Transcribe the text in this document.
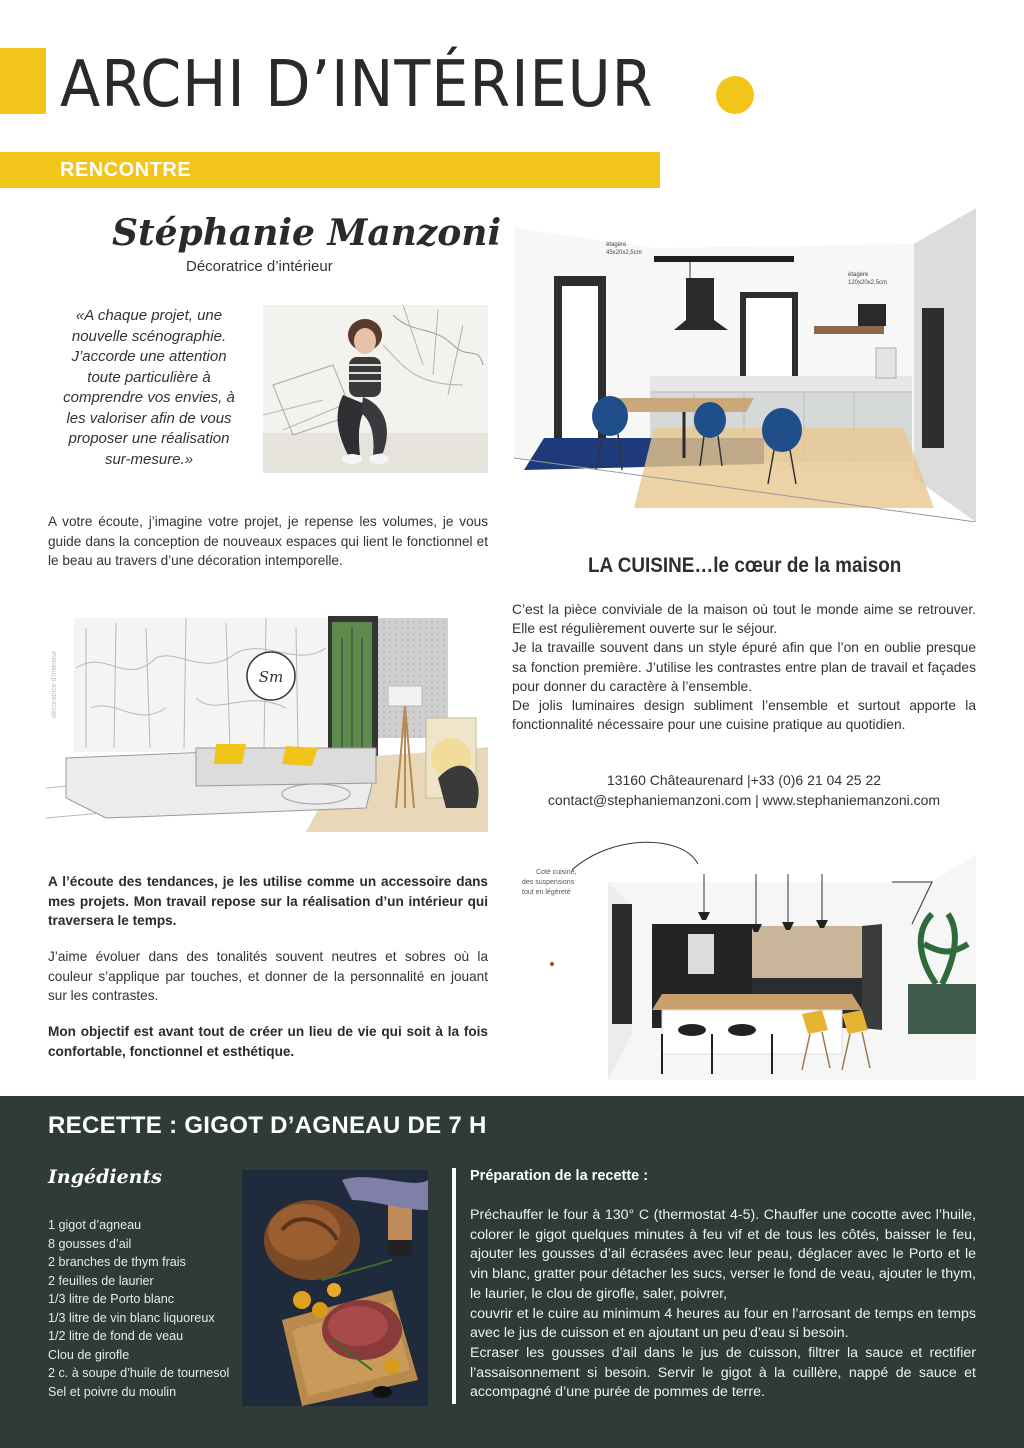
ARCHI D’INTÉRIEUR
RENCONTRE
Stéphanie Manzoni
Décoratrice d’intérieur
«A chaque projet, une nouvelle scénographie. J’accorde une attention toute particulière à comprendre vos envies, à les valoriser afin de vous proposer une réalisation sur-mesure.»
A votre écoute, j’imagine votre projet, je repense les volumes, je vous guide dans la conception de nouveaux espaces qui lient le fonctionnel et le beau au travers d’une décoration intemporelle.
Sm
décoratrice d’intérieur
A l’écoute des tendances, je les utilise comme un accessoire dans mes projets. Mon travail repose sur la réalisation d’un intérieur qui traversera le temps.
J’aime évoluer dans des tonalités souvent neutres et sobres où la couleur s’applique par touches, et donner de la personnalité en jouant sur les contrastes.
Mon objectif est avant tout de créer un lieu de vie qui soit à la fois confortable, fonctionnel et esthétique.
étagère
45x20x2,5cm
étagère
120x20x2,5cm
LA CUISINE…le cœur de la maison
C’est la pièce conviviale de la maison où tout le monde aime se retrouver. Elle est régulièrement ouverte sur le séjour.
Je la travaille souvent dans un style épuré afin que l’on en oublie presque sa fonction première. J’utilise les contrastes entre plan de travail et façades pour donner du caractère à l’ensemble.
De jolis luminaires design subliment l’ensemble et surtout apporte la fonctionnalité nécessaire pour une cuisine pratique au quotidien.
13160 Châteaurenard |+33 (0)6 21 04 25 22
contact@stephaniemanzoni.com | www.stephaniemanzoni.com
Coté cuisine,
des suspensions
tout en légèreté
RECETTE : GIGOT D’AGNEAU DE 7 H
Ingédients
1 gigot d’agneau
8 gousses d’ail
2 branches de thym frais
2 feuilles de laurier
1/3 litre de Porto blanc
1/3 litre de vin blanc liquoreux
1/2 litre de fond de veau
Clou de girofle
2 c. à soupe d’huile de tournesol
Sel et poivre du moulin
Préparation de la recette :

Préchauffer le four à 130° C (thermostat 4-5). Chauffer une cocotte avec l’huile, colorer le gigot quelques minutes à feu vif et de tous les côtés, baisser le feu, ajouter les gousses d’ail écrasées avec leur peau, déglacer avec le Porto et le vin blanc, gratter pour détacher les sucs, verser le fond de veau, ajouter le thym, le laurier, le clou de girofle, saler, poivrer,

couvrir et le cuire au minimum 4 heures au four en l’arrosant de temps en temps avec le jus de cuisson et en ajoutant un peu d’eau si besoin.

Ecraser les gousses d’ail dans le jus de cuisson, filtrer la sauce et rectifier l’assaisonnement si besoin. Servir le gigot à la cuillère, nappé de sauce et accompagné d’une purée de pommes de terre.
